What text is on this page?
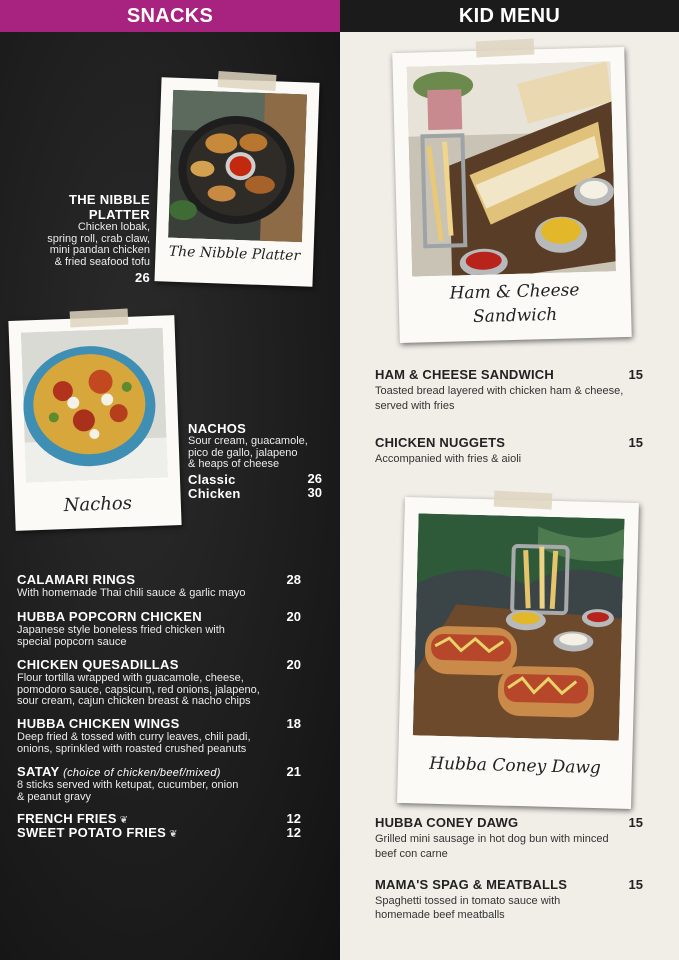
SNACKS	KID MENU
The Nibble Platter
THE NIBBLE PLATTER
Chicken lobak,
spring roll, crab claw,
mini pandan chicken
& fried seafood tofu
26
Nachos
NACHOS
Sour cream, guacamole,
pico de gallo, jalapeno
& heaps of cheese
Classic	26
Chicken	30
CALAMARI RINGS	28
With homemade Thai chili sauce & garlic mayo
HUBBA POPCORN CHICKEN	20
Japanese style boneless fried chicken with
special popcorn sauce
CHICKEN QUESADILLAS	20
Flour tortilla wrapped with guacamole, cheese,
pomodoro sauce, capsicum, red onions, jalapeno,
sour cream, cajun chicken breast & nacho chips
HUBBA CHICKEN WINGS	18
Deep fried & tossed with curry leaves, chili padi,
onions, sprinkled with roasted crushed peanuts
SATAY (choice of chicken/beef/mixed)	21
8 sticks served with ketupat, cucumber, onion
& peanut gravy
FRENCH FRIES ❦	12
SWEET POTATO FRIES ❦	12
Ham & Cheese
Sandwich
HAM & CHEESE SANDWICH	15
Toasted bread layered with chicken ham & cheese,
served with fries
CHICKEN NUGGETS	15
Accompanied with fries & aioli
Hubba Coney Dawg
HUBBA CONEY DAWG	15
Grilled mini sausage in hot dog bun with minced
beef con carne
MAMA'S SPAG & MEATBALLS	15
Spaghetti tossed in tomato sauce with
homemade beef meatballs
